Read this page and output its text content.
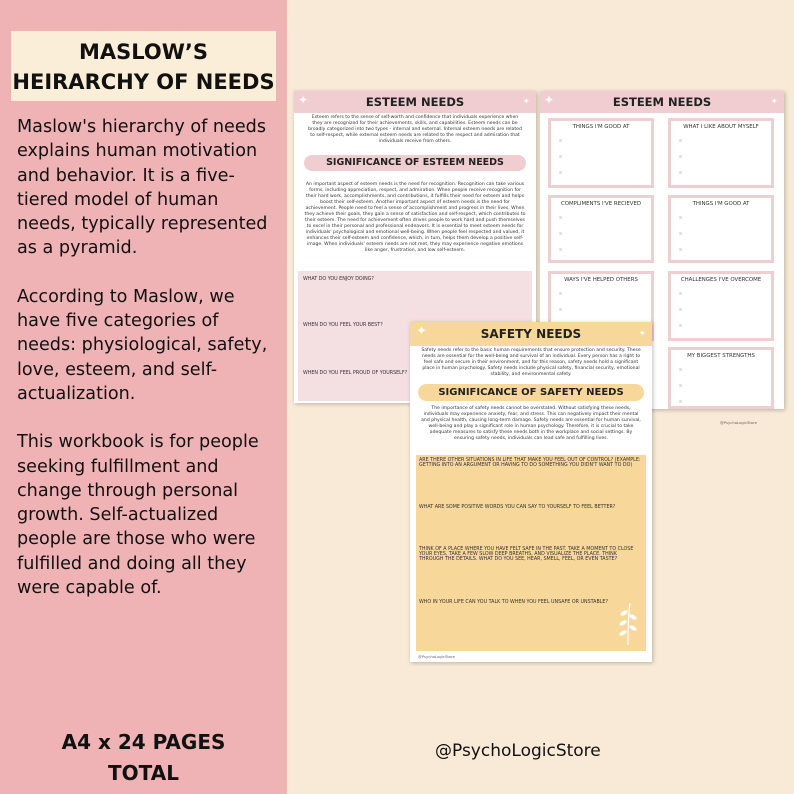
MASLOW’S
HEIRARCHY OF NEEDS

Maslow's hierarchy of needs explains human motivation and behavior. It is a five-tiered model of human needs, typically represented as a pyramid.

According to Maslow, we have five categories of needs: physiological, safety, love, esteem, and self-actualization.

This workbook is for people seeking fulfillment and change through personal growth. Self-actualized people are those who were fulfilled and doing all they were capable of.

A4 x 24 PAGES
TOTAL
ESTEEM NEEDS
✦	✦
Esteem refers to the sense of self-worth and confidence that individuals experience when they are recognized for their achievements, skills, and capabilities. Esteem needs can be broadly categorized into two types - internal and external. Internal esteem needs are related to self-respect, while external esteem needs are related to the respect and admiration that individuals receive from others.
SIGNIFICANCE OF ESTEEM NEEDS
An important aspect of esteem needs is the need for recognition. Recognition can take various forms, including appreciation, respect, and admiration. When people receive recognition for their hard work, accomplishments, and contributions, it fulfills their need for esteem and helps boost their self-esteem. Another important aspect of esteem needs is the need for achievement. People need to feel a sense of accomplishment and progress in their lives. When they achieve their goals, they gain a sense of satisfaction and self-respect, which contributes to their esteem. The need for achievement often drives people to work hard and push themselves to excel in their personal and professional endeavors. It is essential to meet esteem needs for individuals' psychological and emotional well-being. When people feel respected and valued, it enhances their self-esteem and confidence, which, in turn, helps them develop a positive self-image. When individuals' esteem needs are not met, they may experience negative emotions like anger, frustration, and low self-esteem.
WHAT DO YOU ENJOY DOING?
WHEN DO YOU FEEL YOUR BEST?
WHEN DO YOU FEEL PROUD OF YOURSELF?
ESTEEM NEEDS
✦	✦
THINGS I'M GOOD AT	WHAT I LIKE ABOUT MYSELF
COMPLIMENTS I'VE RECIEVED	THINGS I'M GOOD AT
WAYS I'VE HELPED OTHERS	CHALLENGES I'VE OVERCOME
MY BIGGEST STRENGTHS
@PsychoLogicStore
SAFETY NEEDS
✦	✦
Safety needs refer to the basic human requirements that ensure protection and security. These needs are essential for the well-being and survival of an individual. Every person has a right to feel safe and secure in their environment, and for this reason, safety needs hold a significant place in human psychology. Safety needs include physical safety, financial security, emotional stability, and environmental safety.
SIGNIFICANCE OF SAFETY NEEDS
The importance of safety needs cannot be overstated. Without satisfying these needs, individuals may experience anxiety, fear, and stress. This can negatively impact their mental and physical health, causing long-term damage. Safety needs are essential for human survival, well-being and play a significant role in human psychology. Therefore, it is crucial to take adequate measures to satisfy these needs both in the workplace and social settings. By ensuring safety needs, individuals can lead safe and fulfilling lives.
ARE THERE OTHER SITUATIONS IN LIFE THAT MAKE YOU FEEL OUT OF CONTROL? (EXAMPLE: GETTING INTO AN ARGUMENT OR HAVING TO DO SOMETHING YOU DIDN'T WANT TO DO)
WHAT ARE SOME POSITIVE WORDS YOU CAN SAY TO YOURSELF TO FEEL BETTER?
THINK OF A PLACE WHERE YOU HAVE FELT SAFE IN THE PAST. TAKE A MOMENT TO CLOSE YOUR EYES, TAKE A FEW SLOW DEEP BREATHS, AND VISUALIZE THE PLACE. THINK THROUGH THE DETAILS. WHAT DO YOU SEE, HEAR, SMELL, FEEL, OR EVEN TASTE?
WHO IN YOUR LIFE CAN YOU TALK TO WHEN YOU FEEL UNSAFE OR UNSTABLE?
@PsychoLogicStore
@PsychoLogicStore
